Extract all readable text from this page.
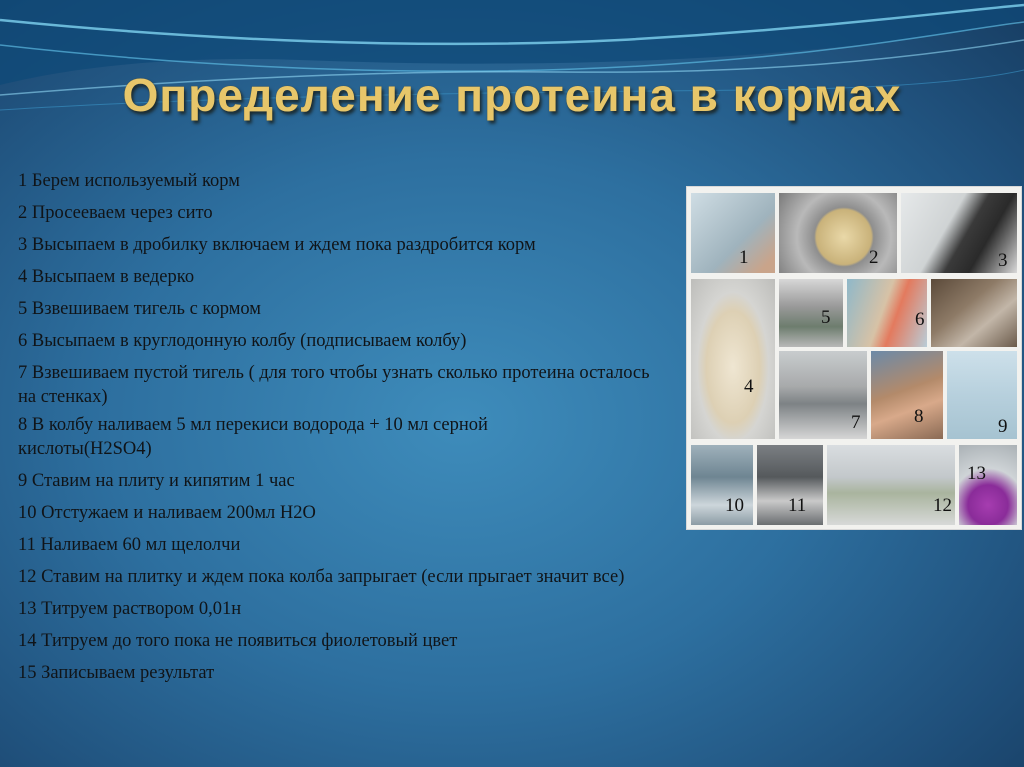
Определение протеина в кормах
1 Берем используемый корм
2 Просееваем через сито
3 Высыпаем в дробилку включаем и ждем пока раздробится корм
4 Высыпаем в ведерко
5 Взвешиваем тигель с кормом
6 Высыпаем в круглодонную колбу (подписываем колбу)
7 Взвешиваем пустой тигель ( для того чтобы узнать сколько протеина осталось на стенках)
8 В колбу наливаем 5 мл перекиси водорода + 10 мл серной кислоты(H2SO4)
9 Ставим на плиту и кипятим 1 час
10 Отстужаем и наливаем 200мл H2O
11 Наливаем 60 мл щелолчи
12 Ставим на плитку и ждем пока колба запрыгает (если прыгает значит все)
13 Титруем раствором 0,01н
14 Титруем до того пока не появиться фиолетовый цвет
15 Записываем результат
1	2	3
4
5	6
7	8	9
10 11	12
13
